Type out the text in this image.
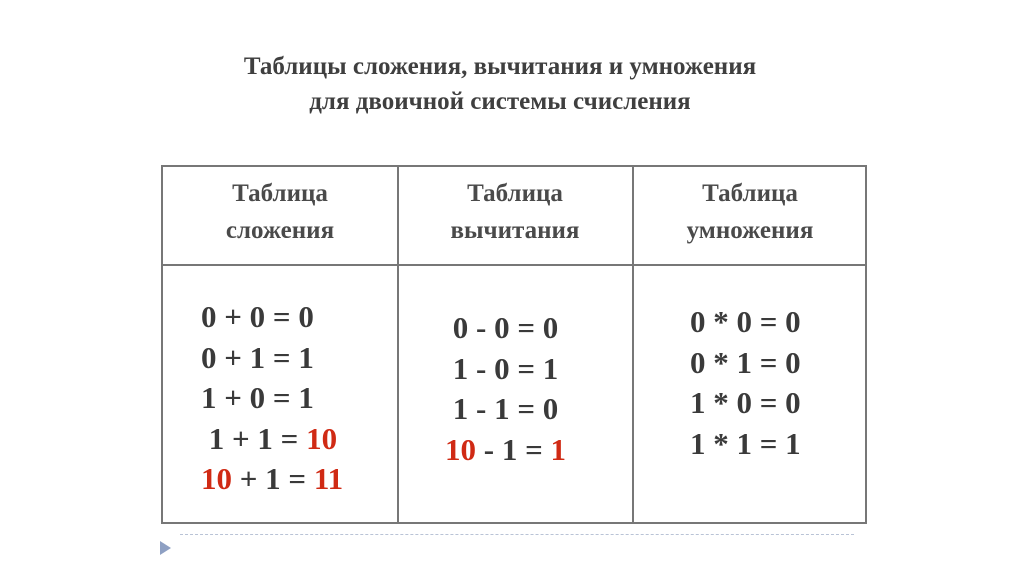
Таблицы сложения, вычитания и умножения
для двоичной системы счисления
Таблица
сложения
Таблица
вычитания
Таблица
умножения
0 + 0 = 0
0 + 1 = 1
1 + 0 = 1
1 + 1 = 10
10 + 1 = 11
0 - 0 = 0
1 - 0 = 1
1 - 1 = 0
10 - 1 = 1
0 * 0 = 0
0 * 1 = 0
1 * 0 = 0
1 * 1 = 1
